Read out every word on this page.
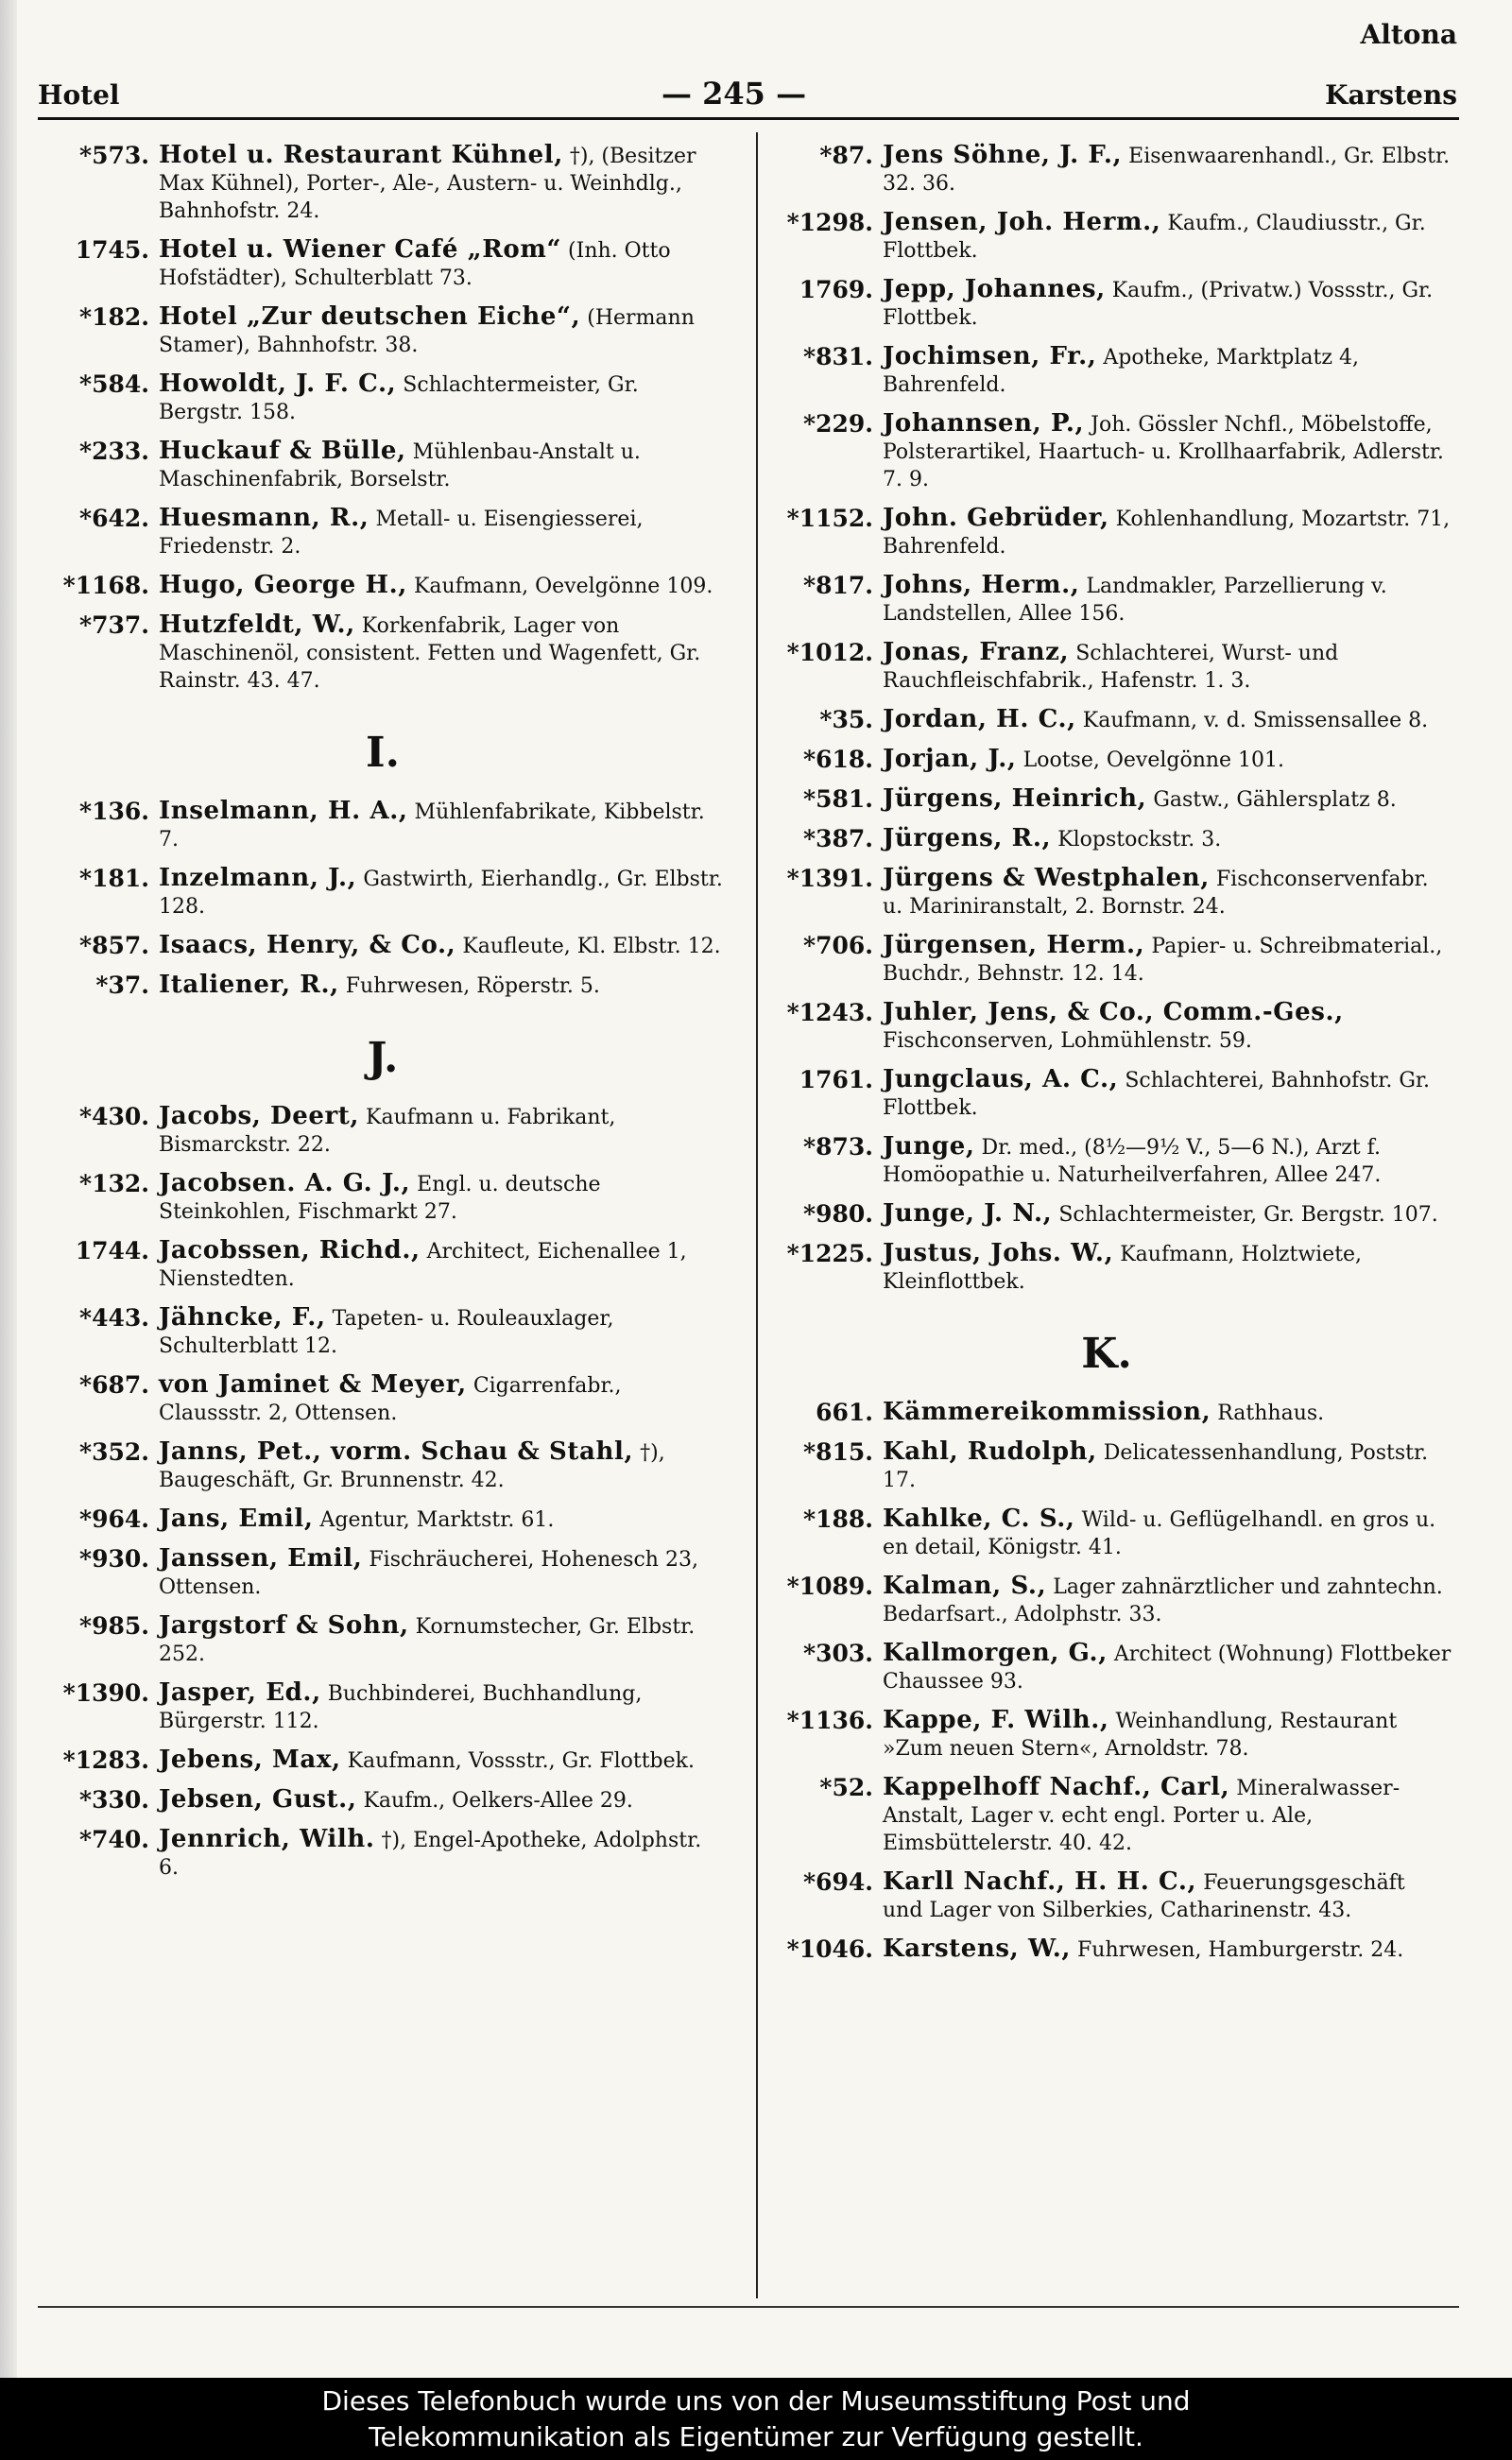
Altona
Hotel	— 245 —	Karstens
*573. Hotel u. Restaurant Kühnel, †), (Besitzer Max Kühnel), Porter-, Ale-, Austern- u. Weinhdlg., Bahnhofstr. 24.
1745. Hotel u. Wiener Café „Rom“ (Inh. Otto Hofstädter), Schulterblatt 73.
*182. Hotel „Zur deutschen Eiche“, (Hermann Stamer), Bahnhofstr. 38.
*584. Howoldt, J. F. C., Schlachtermeister, Gr. Bergstr. 158.
*233. Huckauf & Bülle, Mühlenbau-Anstalt u. Maschinenfabrik, Borselstr.
*642. Huesmann, R., Metall- u. Eisengiesserei, Friedenstr. 2.
*1168. Hugo, George H., Kaufmann, Oevelgönne 109.
*737. Hutzfeldt, W., Korkenfabrik, Lager von Maschinenöl, consistent. Fetten und Wagenfett, Gr. Rainstr. 43. 47.
I.
*136. Inselmann, H. A., Mühlenfabrikate, Kibbelstr. 7.
*181. Inzelmann, J., Gastwirth, Eierhandlg., Gr. Elbstr. 128.
*857. Isaacs, Henry, & Co., Kaufleute, Kl. Elbstr. 12.
*37. Italiener, R., Fuhrwesen, Röperstr. 5.
J.
*430. Jacobs, Deert, Kaufmann u. Fabrikant, Bismarckstr. 22.
*132. Jacobsen. A. G. J., Engl. u. deutsche Steinkohlen, Fischmarkt 27.
1744. Jacobssen, Richd., Architect, Eichenallee 1, Nienstedten.
*443. Jähncke, F., Tapeten- u. Rouleauxlager, Schulterblatt 12.
*687. von Jaminet & Meyer, Cigarrenfabr., Claussstr. 2, Ottensen.
*352. Janns, Pet., vorm. Schau & Stahl, †), Baugeschäft, Gr. Brunnenstr. 42.
*964. Jans, Emil, Agentur, Marktstr. 61.
*930. Janssen, Emil, Fischräucherei, Hohenesch 23, Ottensen.
*985. Jargstorf & Sohn, Kornumstecher, Gr. Elbstr. 252.
*1390. Jasper, Ed., Buchbinderei, Buchhandlung, Bürgerstr. 112.
*1283. Jebens, Max, Kaufmann, Vossstr., Gr. Flottbek.
*330. Jebsen, Gust., Kaufm., Oelkers-Allee 29.
*740. Jennrich, Wilh. †), Engel-Apotheke, Adolphstr. 6.
*87. Jens Söhne, J. F., Eisenwaarenhandl., Gr. Elbstr. 32. 36.
*1298. Jensen, Joh. Herm., Kaufm., Claudiusstr., Gr. Flottbek.
1769. Jepp, Johannes, Kaufm., (Privatw.) Vossstr., Gr. Flottbek.
*831. Jochimsen, Fr., Apotheke, Marktplatz 4, Bahrenfeld.
*229. Johannsen, P., Joh. Gössler Nchfl., Möbelstoffe, Polsterartikel, Haartuch- u. Krollhaarfabrik, Adlerstr. 7. 9.
*1152. John. Gebrüder, Kohlenhandlung, Mozartstr. 71, Bahrenfeld.
*817. Johns, Herm., Landmakler, Parzellierung v. Landstellen, Allee 156.
*1012. Jonas, Franz, Schlachterei, Wurst- und Rauchfleischfabrik., Hafenstr. 1. 3.
*35. Jordan, H. C., Kaufmann, v. d. Smissensallee 8.
*618. Jorjan, J., Lootse, Oevelgönne 101.
*581. Jürgens, Heinrich, Gastw., Gählersplatz 8.
*387. Jürgens, R., Klopstockstr. 3.
*1391. Jürgens & Westphalen, Fischconservenfabr. u. Mariniranstalt, 2. Bornstr. 24.
*706. Jürgensen, Herm., Papier- u. Schreibmaterial., Buchdr., Behnstr. 12. 14.
*1243. Juhler, Jens, & Co., Comm.-Ges., Fischconserven, Lohmühlenstr. 59.
1761. Jungclaus, A. C., Schlachterei, Bahnhofstr. Gr. Flottbek.
*873. Junge, Dr. med., (8½—9½ V., 5—6 N.), Arzt f. Homöopathie u. Naturheilverfahren, Allee 247.
*980. Junge, J. N., Schlachtermeister, Gr. Bergstr. 107.
*1225. Justus, Johs. W., Kaufmann, Holztwiete, Kleinflottbek.
K.
661. Kämmereikommission, Rathhaus.
*815. Kahl, Rudolph, Delicatessenhandlung, Poststr. 17.
*188. Kahlke, C. S., Wild- u. Geflügelhandl. en gros u. en detail, Königstr. 41.
*1089. Kalman, S., Lager zahnärztlicher und zahntechn. Bedarfsart., Adolphstr. 33.
*303. Kallmorgen, G., Architect (Wohnung) Flottbeker Chaussee 93.
*1136. Kappe, F. Wilh., Weinhandlung, Restaurant »Zum neuen Stern«, Arnoldstr. 78.
*52. Kappelhoff Nachf., Carl, Mineralwasser-Anstalt, Lager v. echt engl. Porter u. Ale, Eimsbüttelerstr. 40. 42.
*694. Karll Nachf., H. H. C., Feuerungsgeschäft und Lager von Silberkies, Catharinenstr. 43.
*1046. Karstens, W., Fuhrwesen, Hamburgerstr. 24.
Dieses Telefonbuch wurde uns von der Museumsstiftung Post und
Telekommunikation als Eigentümer zur Verfügung gestellt.
